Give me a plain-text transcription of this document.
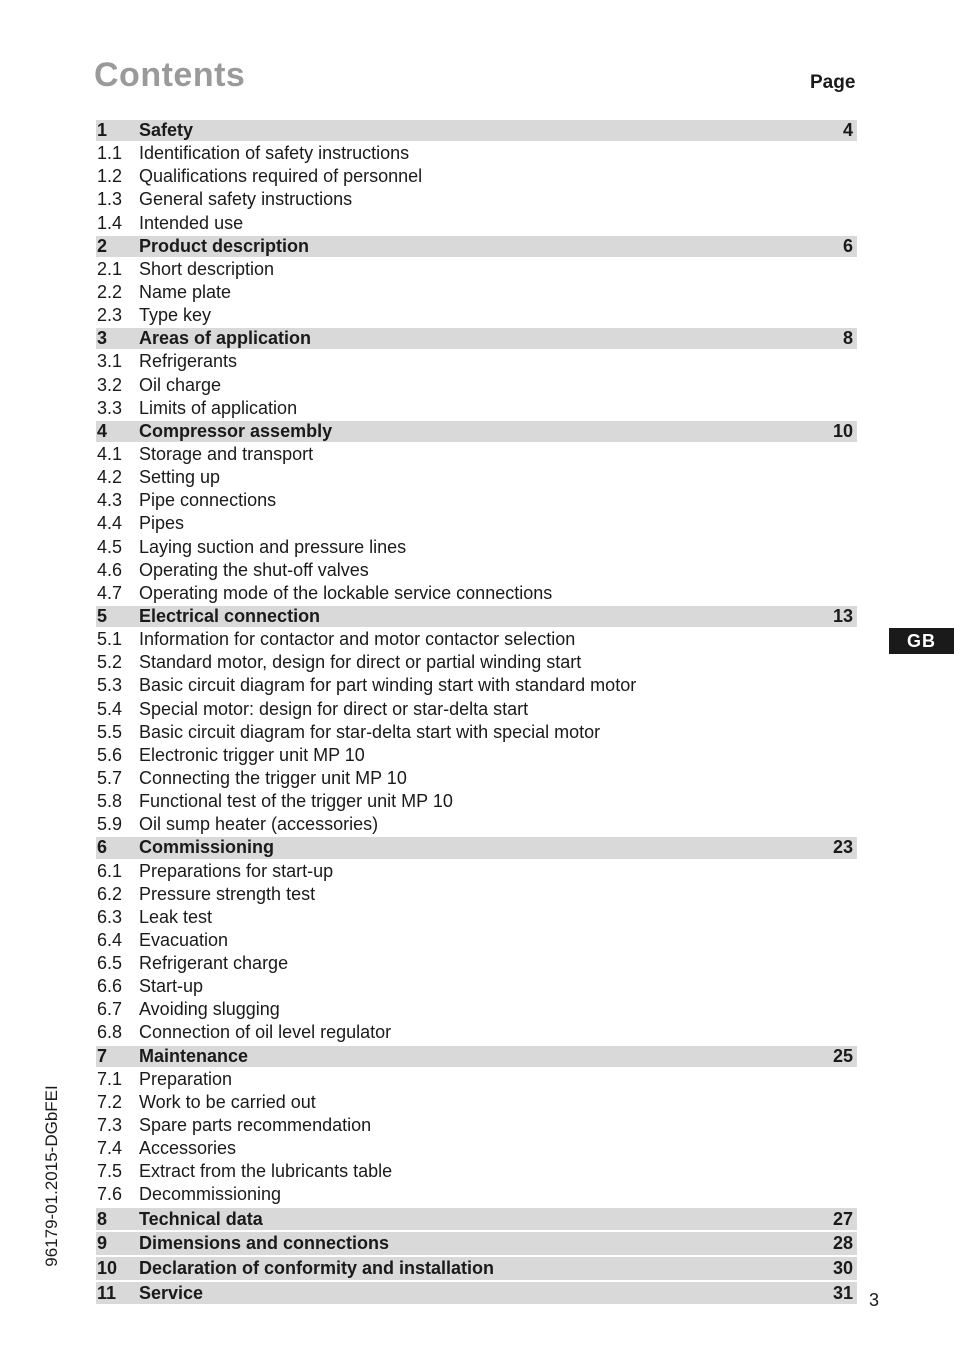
Contents	Page
1 Safety	4
1.1 Identification of safety instructions
1.2 Qualifications required of personnel
1.3 General safety instructions
1.4 Intended use
2 Product description	6
2.1 Short description
2.2 Name plate
2.3 Type key
3 Areas of application	8
3.1 Refrigerants
3.2 Oil charge
3.3 Limits of application
4 Compressor assembly	10
4.1 Storage and transport
4.2 Setting up
4.3 Pipe connections
4.4 Pipes
4.5 Laying suction and pressure lines
4.6 Operating the shut-off valves
4.7 Operating mode of the lockable service connections
5 Electrical connection	13
5.1 Information for contactor and motor contactor selection
5.2 Standard motor, design for direct or partial winding start
5.3 Basic circuit diagram for part winding start with standard motor
5.4 Special motor: design for direct or star-delta start
5.5 Basic circuit diagram for star-delta start with special motor
5.6 Electronic trigger unit MP 10
5.7 Connecting the trigger unit MP 10
5.8 Functional test of the trigger unit MP 10
5.9 Oil sump heater (accessories)
6 Commissioning	23
6.1 Preparations for start-up
6.2 Pressure strength test
6.3 Leak test
6.4 Evacuation
6.5 Refrigerant charge
6.6 Start-up
6.7 Avoiding slugging
6.8 Connection of oil level regulator
7 Maintenance	25
7.1 Preparation
7.2 Work to be carried out
7.3 Spare parts recommendation
7.4 Accessories
7.5 Extract from the lubricants table
7.6 Decommissioning
8 Technical data	27
9 Dimensions and connections	28
10 Declaration of conformity and installation	30
11 Service	31
GB
96179-01.2015-DGbFEI
3
